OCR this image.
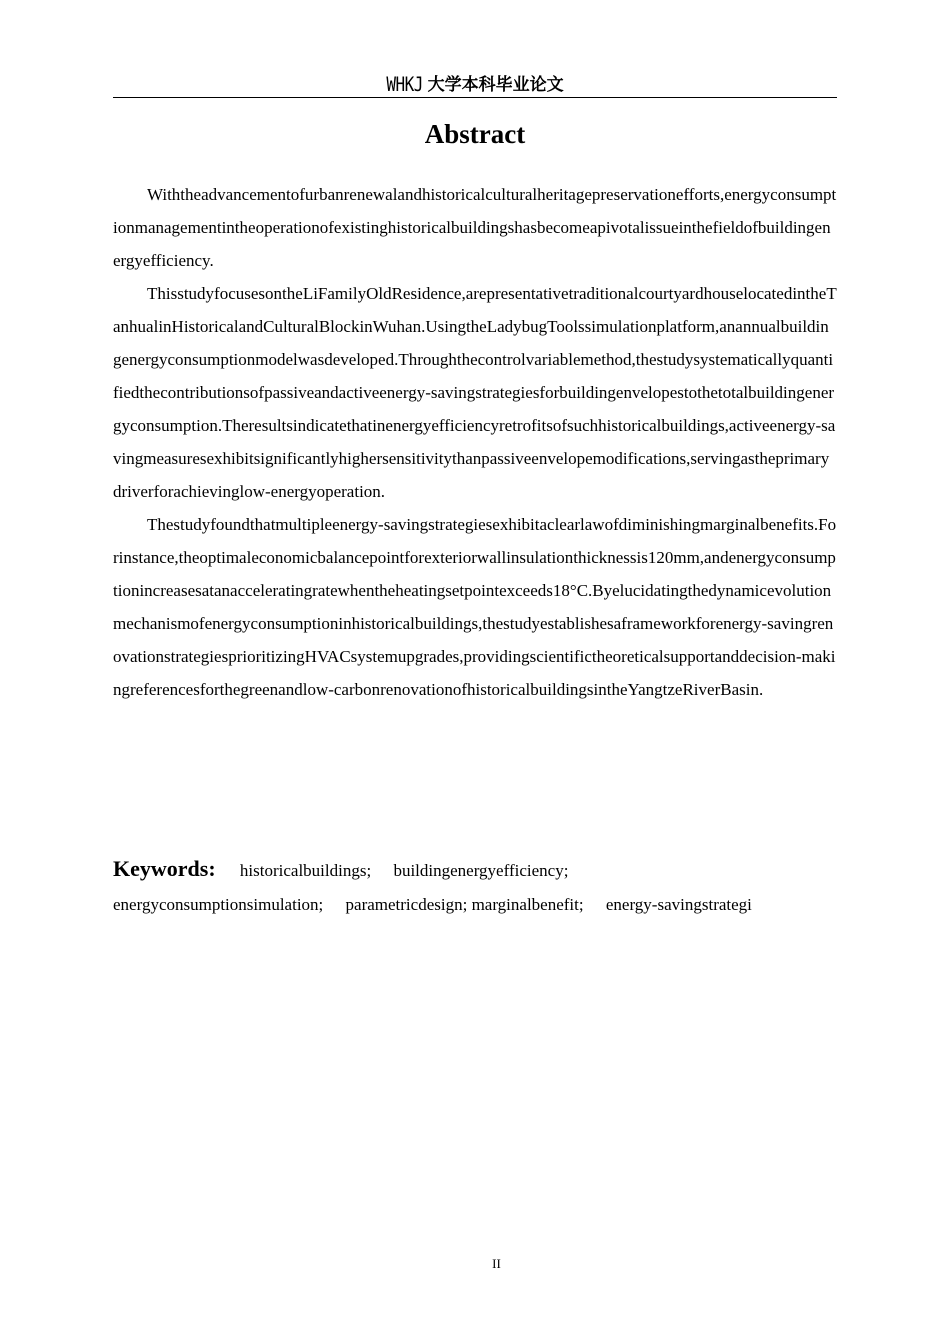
WHKJ 大学本科毕业论文
Abstract

Withtheadvancementofurbanrenewalandhistoricalculturalheritagepreservationefforts,energyconsumptionmanagementintheoperationofexistinghistoricalbuildingshasbecomeapivotalissueinthefieldofbuildingenergyefficiency.

ThisstudyfocusesontheLiFamilyOldResidence,arepresentativetraditionalcourtyardhouselocatedintheTanhualinHistoricalandCulturalBlockinWuhan.UsingtheLadybugToolssimulationplatform,anannualbuildingenergyconsumptionmodelwasdeveloped.Throughthecontrolvariablemethod,thestudysystematicallyquantifiedthecontributionsofpassiveandactiveenergy-savingstrategiesforbuildingenvelopestothetotalbuildingenergyconsumption.Theresultsindicatethatinenergyefficiencyretrofitsofsuchhistoricalbuildings,activeenergy-savingmeasuresexhibitsignificantlyhighersensitivitythanpassiveenvelopemodifications,servingastheprimarydriverforachievinglow-energyoperation.

Thestudyfoundthatmultipleenergy-savingstrategiesexhibitaclearlawofdiminishingmarginalbenefits.Forinstance,theoptimaleconomicbalancepointforexteriorwallinsulationthicknessis120mm,andenergyconsumptionincreasesatanacceleratingratewhentheheatingsetpointexceeds18°C.Byelucidatingthedynamicevolutionmechanismofenergyconsumptioninhistoricalbuildings,thestudyestablishesaframeworkforenergy-savingrenovationstrategiesprioritizingHVACsystemupgrades,providingscientifictheoreticalsupportanddecision-makingreferencesforthegreenandlow-carbonrenovationofhistoricalbuildingsintheYangtzeRiverBasin.

Keywords: historicalbuildings; buildingenergyefficiency;
energyconsumptionsimulation; parametricdesign; marginalbenefit; energy-savingstrategi
II
